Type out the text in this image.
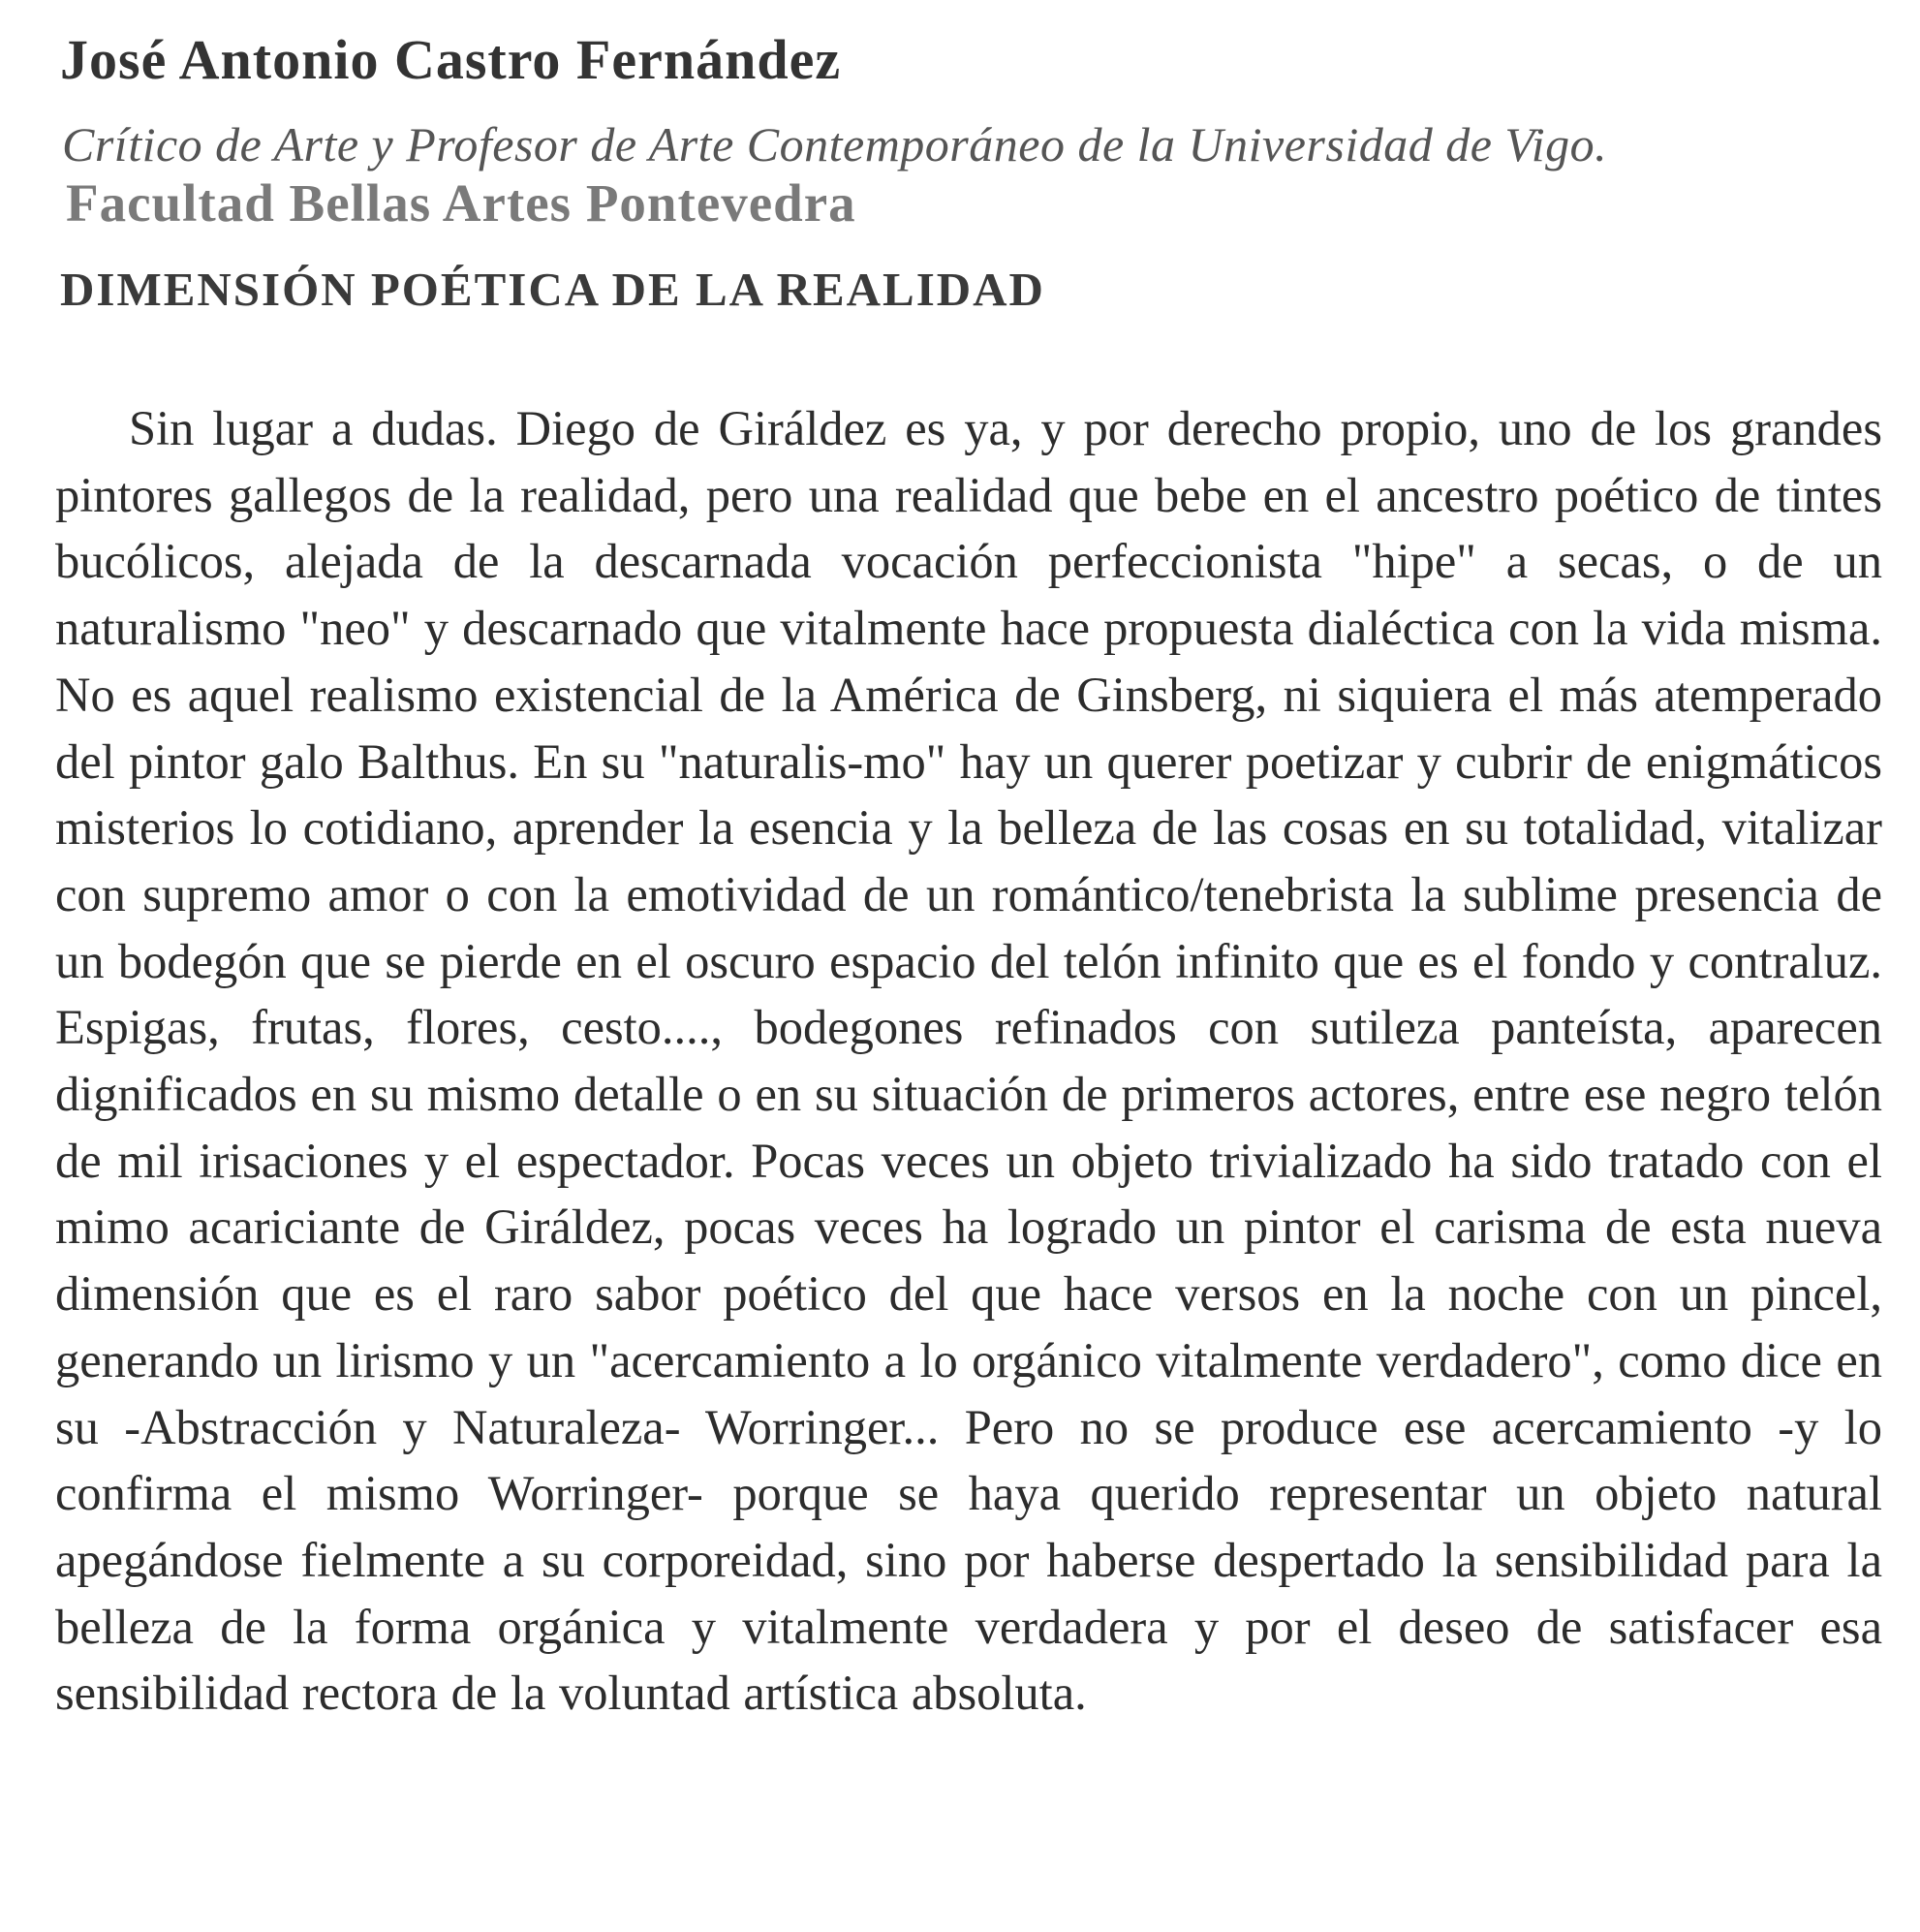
José Antonio Castro Fernández

Crítico de Arte y Profesor de Arte Contemporáneo de la Universidad de Vigo.

Facultad Bellas Artes Pontevedra

DIMENSIÓN POÉTICA DE LA REALIDAD

Sin lugar a dudas. Diego de Giráldez es ya, y por derecho propio, uno de los grandes pintores gallegos de la realidad, pero una realidad que bebe en el ancestro poético de tintes bucólicos, alejada de la descarnada vocación perfeccionista "hipe" a secas, o de un naturalismo "neo" y descarnado que vitalmente hace propuesta dialéctica con la vida misma. No es aquel realismo existencial de la América de Ginsberg, ni siquiera el más atemperado del pintor galo Balthus. En su "naturalis-mo" hay un querer poetizar y cubrir de enigmáticos misterios lo cotidiano, aprender la esencia y la belleza de las cosas en su totalidad, vitalizar con supremo amor o con la emotividad de un romántico/tenebrista la sublime presencia de un bodegón que se pierde en el oscuro espacio del telón infinito que es el fondo y contraluz. Espigas, frutas, flores, cesto...., bodegones refinados con sutileza panteísta, aparecen dignificados en su mismo detalle o en su situación de primeros actores, entre ese negro telón de mil irisaciones y el espectador. Pocas veces un objeto trivializado ha sido tratado con el mimo acariciante de Giráldez, pocas veces ha logrado un pintor el carisma de esta nueva dimensión que es el raro sabor poético del que hace versos en la noche con un pincel, generando un lirismo y un "acercamiento a lo orgánico vitalmente verdadero", como dice en su -Abstracción y Naturaleza- Worringer... Pero no se produce ese acercamiento -y lo confirma el mismo Worringer- porque se haya querido representar un objeto natural apegándose fielmente a su corporeidad, sino por haberse despertado la sensibilidad para la belleza de la forma orgánica y vitalmente verdadera y por el deseo de satisfacer esa sensibilidad rectora de la voluntad artística absoluta.
